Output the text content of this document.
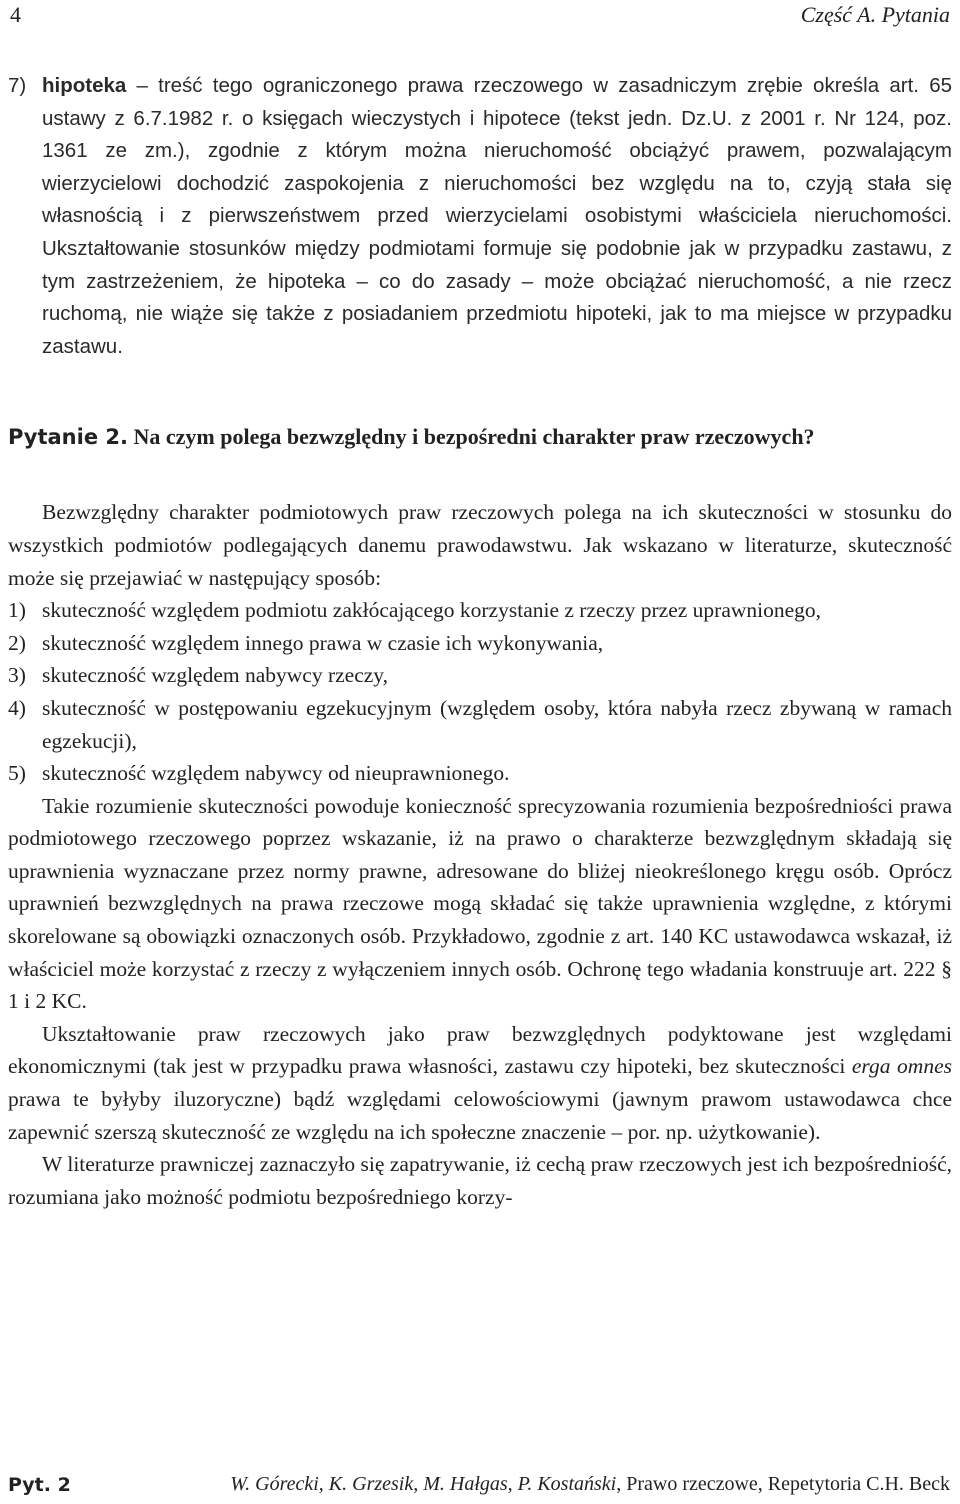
4	Część A. Pytania

7) hipoteka – treść tego ograniczonego prawa rzeczowego w zasadniczym zrębie określa art. 65 ustawy z 6.7.1982 r. o księgach wieczystych i hipotece (tekst jedn. Dz.U. z 2001 r. Nr 124, poz. 1361 ze zm.), zgodnie z którym można nieruchomość obciążyć prawem, pozwalającym wierzycielowi dochodzić zaspokojenia z nieruchomości bez względu na to, czyją stała się własnością i z pierwszeństwem przed wierzycielami osobistymi właściciela nieruchomości. Ukształtowanie stosunków między podmiotami formuje się podobnie jak w przypadku zastawu, z tym zastrzeżeniem, że hipoteka – co do zasady – może obciążać nieruchomość, a nie rzecz ruchomą, nie wiąże się także z posiadaniem przedmiotu hipoteki, jak to ma miejsce w przypadku zastawu.

Pytanie 2. Na czym polega bezwzględny i bezpośredni charakter praw rzeczowych?

Bezwzględny charakter podmiotowych praw rzeczowych polega na ich skuteczności w stosunku do wszystkich podmiotów podlegających danemu prawodawstwu. Jak wskazano w literaturze, skuteczność może się przejawiać w następujący sposób:

1) skuteczność względem podmiotu zakłócającego korzystanie z rzeczy przez uprawnionego,
2) skuteczność względem innego prawa w czasie ich wykonywania,
3) skuteczność względem nabywcy rzeczy,
4) skuteczność w postępowaniu egzekucyjnym (względem osoby, która nabyła rzecz zbywaną w ramach egzekucji),
5) skuteczność względem nabywcy od nieuprawnionego.

Takie rozumienie skuteczności powoduje konieczność sprecyzowania rozumienia bezpośredniości prawa podmiotowego rzeczowego poprzez wskazanie, iż na prawo o charakterze bezwzględnym składają się uprawnienia wyznaczane przez normy prawne, adresowane do bliżej nieokreślonego kręgu osób. Oprócz uprawnień bezwzględnych na prawa rzeczowe mogą składać się także uprawnienia względne, z którymi skorelowane są obowiązki oznaczonych osób. Przykładowo, zgodnie z art. 140 KC ustawodawca wskazał, iż właściciel może korzystać z rzeczy z wyłączeniem innych osób. Ochronę tego władania konstruuje art. 222 § 1 i 2 KC.

Ukształtowanie praw rzeczowych jako praw bezwzględnych podyktowane jest względami ekonomicznymi (tak jest w przypadku prawa własności, zastawu czy hipoteki, bez skuteczności erga omnes prawa te byłyby iluzoryczne) bądź względami celowościowymi (jawnym prawom ustawodawca chce zapewnić szerszą skuteczność ze względu na ich społeczne znaczenie – por. np. użytkowanie).

W literaturze prawniczej zaznaczyło się zapatrywanie, iż cechą praw rzeczowych jest ich bezpośredniość, rozumiana jako możność podmiotu bezpośredniego korzy-

Pyt. 2	W. Górecki, K. Grzesik, M. Hałgas, P. Kostański, Prawo rzeczowe, Repetytoria C.H. Beck
